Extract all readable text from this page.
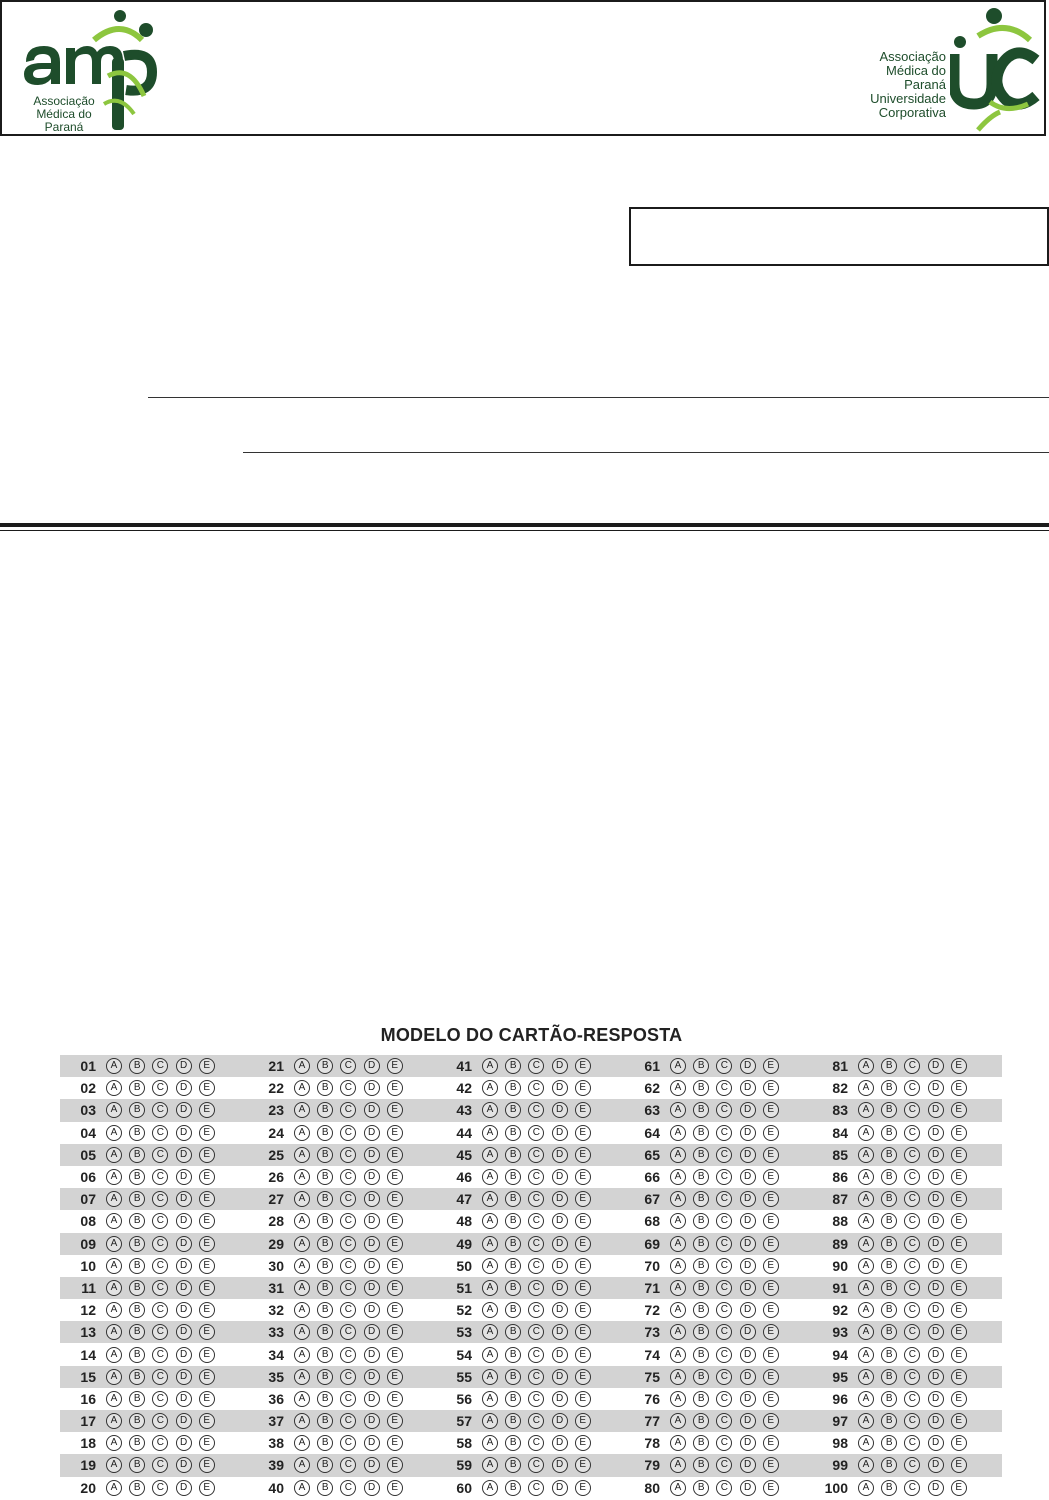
Associação
Médica do
Paraná
Associação
Médica do
Paraná
Universidade
Corporativa
MODELO DO CARTÃO-RESPOSTA
01	A	B	C	D	E	21	A	B	C	D	E	41	A	B	C	D	E	61	A	B	C	D	E	81	A	B	C	D	E
02	A	B	C	D	E	22	A	B	C	D	E	42	A	B	C	D	E	62	A	B	C	D	E	82	A	B	C	D	E
03	A	B	C	D	E	23	A	B	C	D	E	43	A	B	C	D	E	63	A	B	C	D	E	83	A	B	C	D	E
04	A	B	C	D	E	24	A	B	C	D	E	44	A	B	C	D	E	64	A	B	C	D	E	84	A	B	C	D	E
05	A	B	C	D	E	25	A	B	C	D	E	45	A	B	C	D	E	65	A	B	C	D	E	85	A	B	C	D	E
06	A	B	C	D	E	26	A	B	C	D	E	46	A	B	C	D	E	66	A	B	C	D	E	86	A	B	C	D	E
07	A	B	C	D	E	27	A	B	C	D	E	47	A	B	C	D	E	67	A	B	C	D	E	87	A	B	C	D	E
08	A	B	C	D	E	28	A	B	C	D	E	48	A	B	C	D	E	68	A	B	C	D	E	88	A	B	C	D	E
09	A	B	C	D	E	29	A	B	C	D	E	49	A	B	C	D	E	69	A	B	C	D	E	89	A	B	C	D	E
10	A	B	C	D	E	30	A	B	C	D	E	50	A	B	C	D	E	70	A	B	C	D	E	90	A	B	C	D	E
11	A	B	C	D	E	31	A	B	C	D	E	51	A	B	C	D	E	71	A	B	C	D	E	91	A	B	C	D	E
12	A	B	C	D	E	32	A	B	C	D	E	52	A	B	C	D	E	72	A	B	C	D	E	92	A	B	C	D	E
13	A	B	C	D	E	33	A	B	C	D	E	53	A	B	C	D	E	73	A	B	C	D	E	93	A	B	C	D	E
14	A	B	C	D	E	34	A	B	C	D	E	54	A	B	C	D	E	74	A	B	C	D	E	94	A	B	C	D	E
15	A	B	C	D	E	35	A	B	C	D	E	55	A	B	C	D	E	75	A	B	C	D	E	95	A	B	C	D	E
16	A	B	C	D	E	36	A	B	C	D	E	56	A	B	C	D	E	76	A	B	C	D	E	96	A	B	C	D	E
17	A	B	C	D	E	37	A	B	C	D	E	57	A	B	C	D	E	77	A	B	C	D	E	97	A	B	C	D	E
18	A	B	C	D	E	38	A	B	C	D	E	58	A	B	C	D	E	78	A	B	C	D	E	98	A	B	C	D	E
19	A	B	C	D	E	39	A	B	C	D	E	59	A	B	C	D	E	79	A	B	C	D	E	99	A	B	C	D	E
20	A	B	C	D	E	40	A	B	C	D	E	60	A	B	C	D	E	80	A	B	C	D	E	100	A	B	C	D	E
